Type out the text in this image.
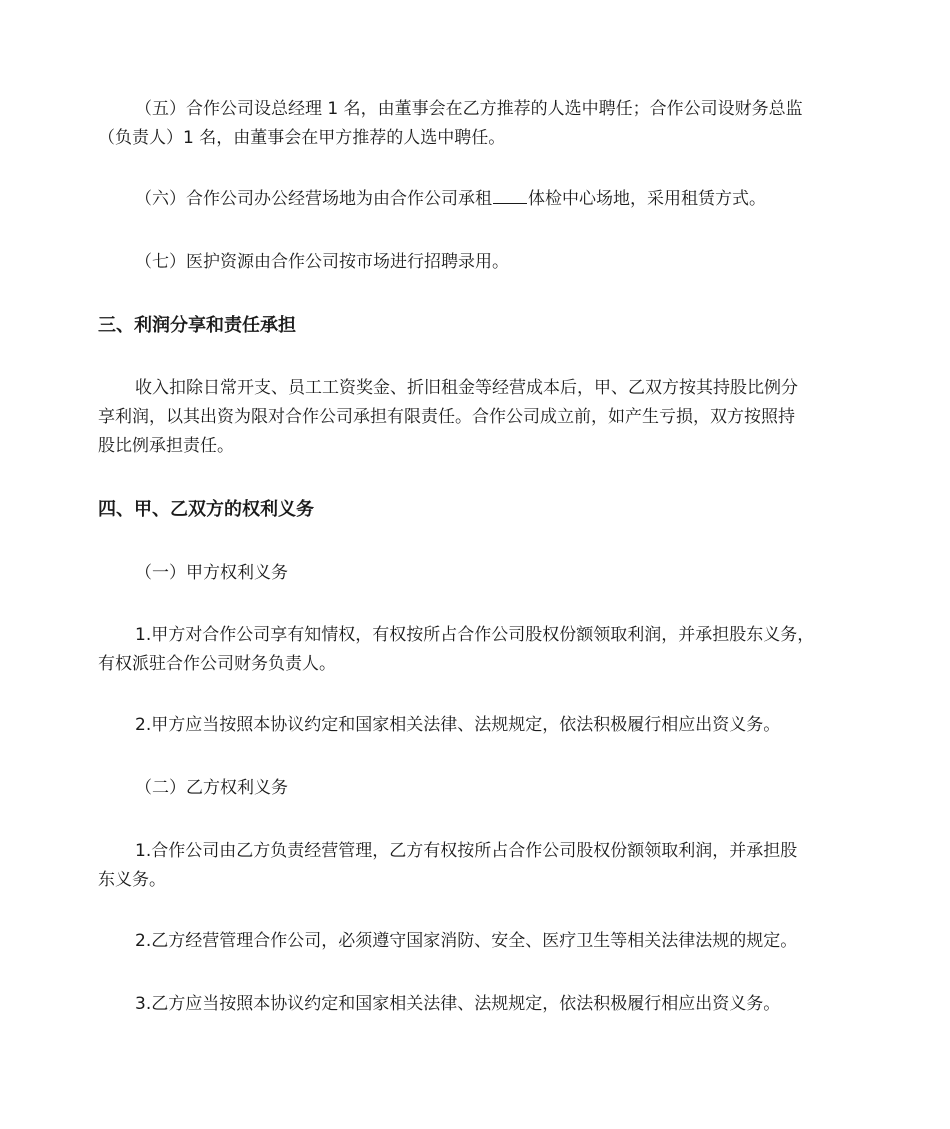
（五）合作公司设总经理 1 名，由董事会在乙方推荐的人选中聘任；合作公司设财务总监
（负责人）1 名，由董事会在甲方推荐的人选中聘任。

（六）合作公司办公经营场地为由合作公司承租 体检中心场地，采用租赁方式。

（七）医护资源由合作公司按市场进行招聘录用。

三、利润分享和责任承担

收入扣除日常开支、员工工资奖金、折旧租金等经营成本后，甲、乙双方按其持股比例分
享利润，以其出资为限对合作公司承担有限责任。合作公司成立前，如产生亏损，双方按照持
股比例承担责任。

四、甲、乙双方的权利义务

（一）甲方权利义务

1.甲方对合作公司享有知情权，有权按所占合作公司股权份额领取利润，并承担股东义务，
有权派驻合作公司财务负责人。

2.甲方应当按照本协议约定和国家相关法律、法规规定，依法积极履行相应出资义务。

（二）乙方权利义务

1.合作公司由乙方负责经营管理，乙方有权按所占合作公司股权份额领取利润，并承担股
东义务。

2.乙方经营管理合作公司，必须遵守国家消防、安全、医疗卫生等相关法律法规的规定。

3.乙方应当按照本协议约定和国家相关法律、法规规定，依法积极履行相应出资义务。
